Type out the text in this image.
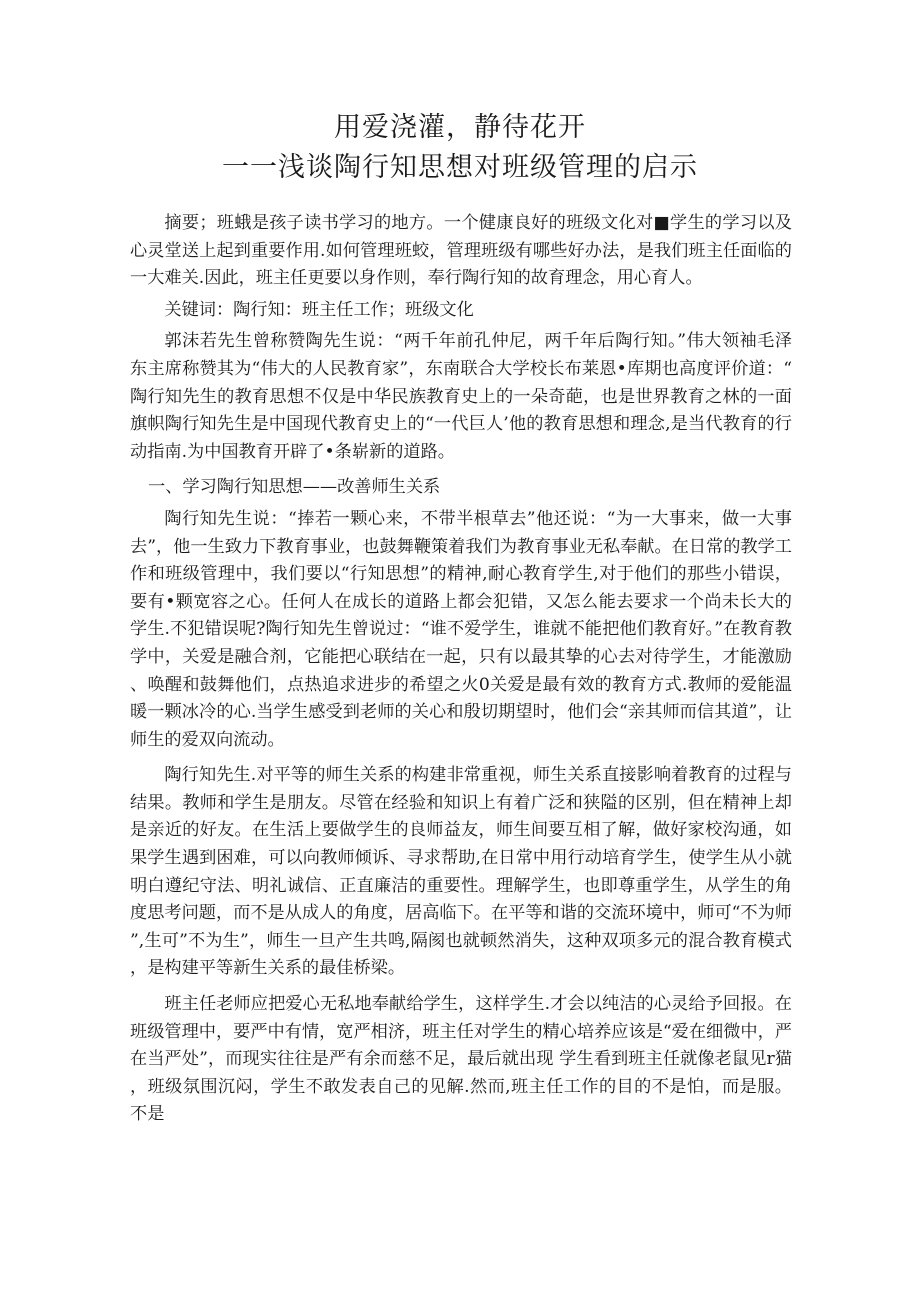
用爱浇灌，静待花开
一一浅谈陶行知思想对班级管理的启示

摘要；班蛾是孩子读书学习的地方。一个健康良好的班级文化对■学生的学习以及心灵堂送上起到重要作用.如何管理班蛟，管理班级有哪些好办法，是我们班主任面临的一大难关.因此，班主任更要以身作则，奉行陶行知的故育理念，用心育人。

关键词：陶行知：班主任工作；班级文化

郭沫若先生曾称赞陶先生说：“两千年前孔仲尼，两千年后陶行知。”伟大领袖毛泽东主席称赞其为“伟大的人民教育家”，东南联合大学校长布莱恩•库期也高度评价道：“陶行知先生的教育思想不仅是中华民族教育史上的一朵奇葩，也是世界教育之林的一面旗帜陶行知先生是中国现代教育史上的“一代巨人’他的教育思想和理念,是当代教育的行动指南.为中国教育开辟了•条崭新的道路。

一、学习陶行知思想——改善师生关系

陶行知先生说：“捧若一颗心来，不带半根草去”他还说：“为一大事来，做一大事去”，他一生致力下教育事业，也鼓舞鞭策着我们为教育事业无私奉献。在日常的教学工作和班级管理中，我们要以“行知思想”的精神,耐心教育学生,对于他们的那些小错误，要有•颗宽容之心。任何人在成长的道路上都会犯错，又怎么能去要求一个尚未长大的学生.不犯错误呢?陶行知先生曾说过：“谁不爱学生，谁就不能把他们教育好。”在教育教学中，关爱是融合剂，它能把心联结在一起，只有以最其挚的心去对待学生，才能激励、唤醒和鼓舞他们，点热追求进步的希望之火0关爱是最有效的教育方式.教师的爱能温暖一颗冰冷的心.当学生感受到老师的关心和殷切期望时，他们会“亲其师而信其道”，让师生的爱双向流动。

陶行知先生.对平等的师生关系的构建非常重视，师生关系直接影响着教育的过程与结果。教师和学生是朋友。尽管在经验和知识上有着广泛和狭隘的区别，但在精神上却是亲近的好友。在生活上要做学生的良师益友，师生间要互相了解，做好家校沟通，如果学生遇到困难，可以向教师倾诉、寻求帮助,在日常中用行动培育学生，使学生从小就明白遵纪守法、明礼诚信、正直廉洁的重要性。理解学生，也即尊重学生，从学生的角度思考问题，而不是从成人的角度，居高临下。在平等和谐的交流环境中，师可“不为师”,生可”不为生”，师生一旦产生共鸣,隔阂也就顿然消失，这种双项多元的混合教育模式，是构建平等新生关系的最佳桥梁。

班主任老师应把爱心无私地奉献给学生，这样学生.才会以纯洁的心灵给予回报。在班级管理中，要严中有情，宽严相济，班主任对学生的精心培养应该是“爱在细微中，严在当严处”，而现实往往是严有余而慈不足，最后就出现 学生看到班主任就像老鼠见r猫，班级氛围沉闷，学生不敢发表自己的见解.然而,班主任工作的目的不是怕，而是服。不是
